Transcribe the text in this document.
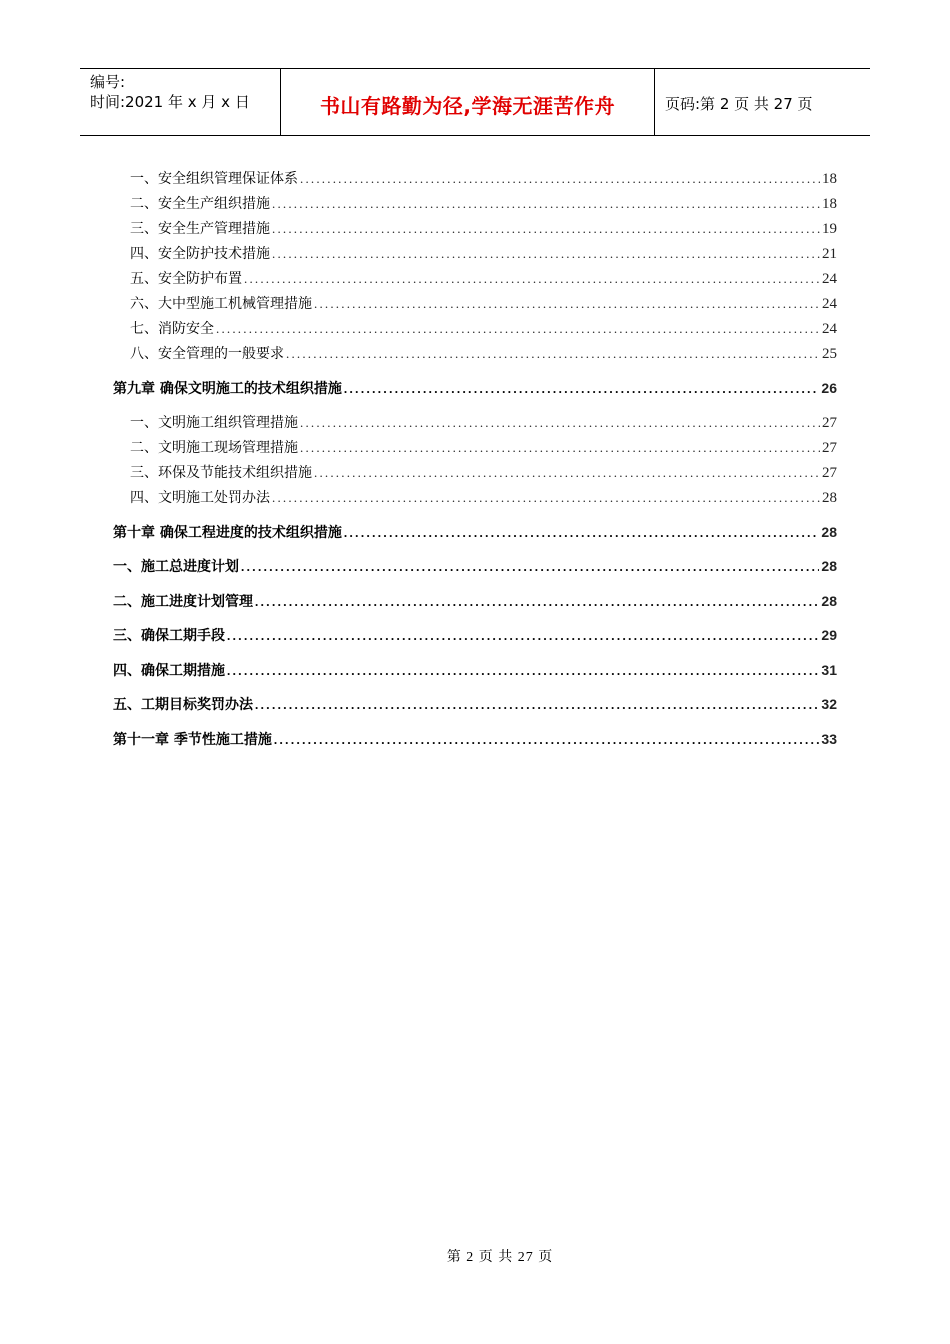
编号:
时间:2021 年 x 月 x 日	书山有路勤为径,学海无涯苦作舟	页码:第 2 页 共 27 页
一、安全组织管理保证体系 .....	18
二、安全生产组织措施 .....	18
三、安全生产管理措施 .....	19
四、安全防护技术措施 .....	21
五、安全防护布置 .....	24
六、大中型施工机械管理措施 .....	24
七、消防安全 .....	24
八、安全管理的一般要求 .....	25
第九章 确保文明施工的技术组织措施 .....	26
一、文明施工组织管理措施 .....	27
二、文明施工现场管理措施 .....	27
三、环保及节能技术组织措施 .....	27
四、文明施工处罚办法 .....	28
第十章 确保工程进度的技术组织措施 .....	28
一、施工总进度计划 .....	28
二、施工进度计划管理 .....	28
三、确保工期手段 .....	29
四、确保工期措施 .....	31
五、工期目标奖罚办法 .....	32
第十一章 季节性施工措施 .....	33
第 2 页 共 27 页
